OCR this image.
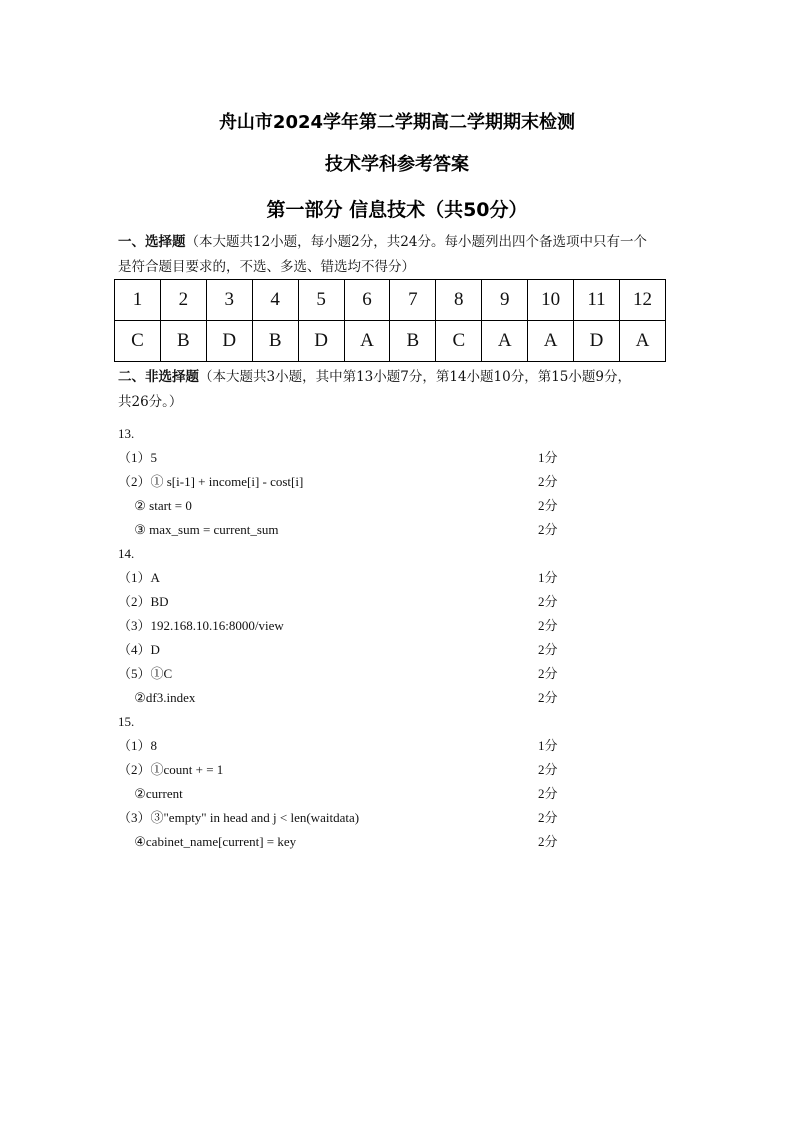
舟山市2024学年第二学期高二学期期末检测
技术学科参考答案
第一部分 信息技术（共50分）
一、选择题（本大题共12小题，每小题2分，共24分。每小题列出四个备选项中只有一个
是符合题目要求的，不选、多选、错选均不得分）
1	2	3	4	5	6	7	8	9	10	11	12
C	B	D	B	D	A	B	C	A	A	D	A
二、非选择题（本大题共3小题，其中第13小题7分，第14小题10分，第15小题9分，
共26分。）
13.
（1）5	1分
（2）① s[i-1] + income[i] - cost[i]	2分
② start = 0	2分
③ max_sum = current_sum	2分
14.
（1）A	1分
（2）BD	2分
（3）192.168.10.16:8000/view	2分
（4）D	2分
（5）①C	2分
②df3.index	2分
15.
（1）8	1分
（2）①count + = 1	2分
②current	2分
（3）③"empty" in head and j < len(waitdata)	2分
④cabinet_name[current] = key	2分
